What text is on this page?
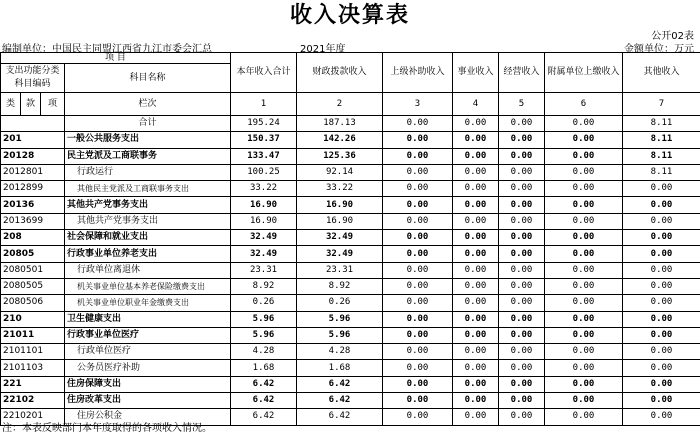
收入决算表
公开02表
编制单位：中国民主同盟江西省九江市委会汇总	2021年度	金额单位：万元
项 目				本年收入合计	财政拨款收入	上级补助收入	事业收入	经营收入	附属单位上缴收入	其他收入
支出功能分类科目编码			科目名称							
类	款	项								
			栏次	1	2	3	4	5	6	7
			合计	195.24	187.13	0.00	0.00	0.00	0.00	8.11
201			一般公共服务支出	150.37	142.26	0.00	0.00	0.00	0.00	8.11
20128			民主党派及工商联事务	133.47	125.36	0.00	0.00	0.00	0.00	8.11
2012801			行政运行	100.25	92.14	0.00	0.00	0.00	0.00	8.11
2012899			其他民主党派及工商联事务支出	33.22	33.22	0.00	0.00	0.00	0.00	0.00
20136			其他共产党事务支出	16.90	16.90	0.00	0.00	0.00	0.00	0.00
2013699			其他共产党事务支出	16.90	16.90	0.00	0.00	0.00	0.00	0.00
208			社会保障和就业支出	32.49	32.49	0.00	0.00	0.00	0.00	0.00
20805			行政事业单位养老支出	32.49	32.49	0.00	0.00	0.00	0.00	0.00
2080501			行政单位离退休	23.31	23.31	0.00	0.00	0.00	0.00	0.00
2080505			机关事业单位基本养老保险缴费支出	8.92	8.92	0.00	0.00	0.00	0.00	0.00
2080506			机关事业单位职业年金缴费支出	0.26	0.26	0.00	0.00	0.00	0.00	0.00
210			卫生健康支出	5.96	5.96	0.00	0.00	0.00	0.00	0.00
21011			行政事业单位医疗	5.96	5.96	0.00	0.00	0.00	0.00	0.00
2101101			行政单位医疗	4.28	4.28	0.00	0.00	0.00	0.00	0.00
2101103			公务员医疗补助	1.68	1.68	0.00	0.00	0.00	0.00	0.00
221			住房保障支出	6.42	6.42	0.00	0.00	0.00	0.00	0.00
22102			住房改革支出	6.42	6.42	0.00	0.00	0.00	0.00	0.00
2210201			住房公积金	6.42	6.42	0.00	0.00	0.00	0.00	0.00
注：本表反映部门本年度取得的各项收入情况。
